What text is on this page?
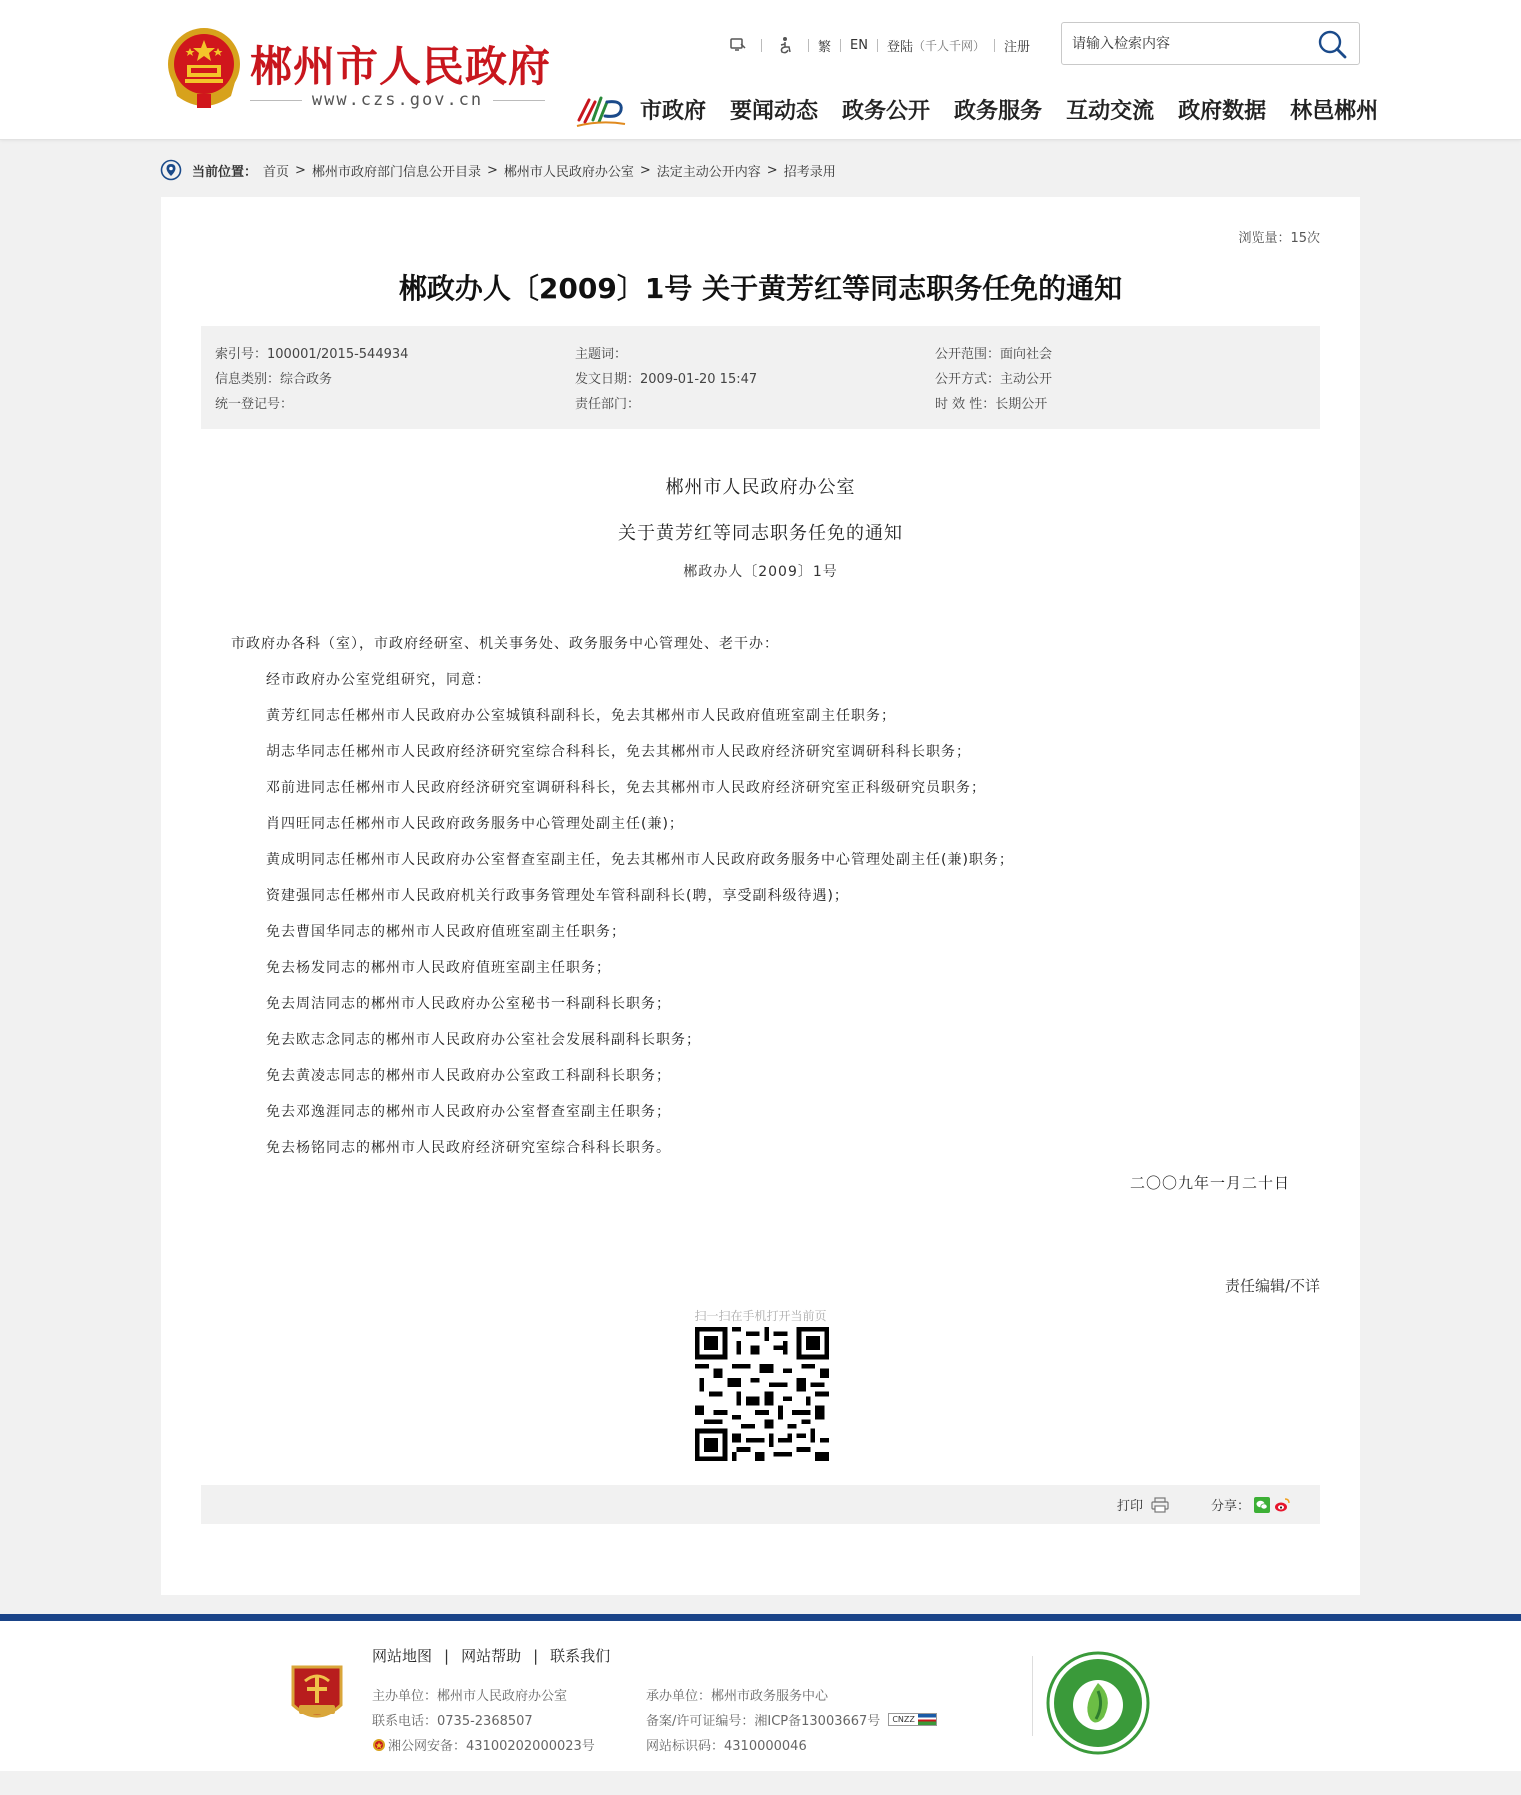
郴州市人民政府
www.czs.gov.cn
繁 EN 登陆 （千人千网） 注册
请输入检索内容
市政府 要闻动态 政务公开 政务服务 互动交流 政府数据 林邑郴州
当前位置： 首页 > 郴州市政府部门信息公开目录 > 郴州市人民政府办公室 > 法定主动公开内容 > 招考录用
浏览量：15次
郴政办人〔2009〕1号 关于黄芳红等同志职务任免的通知
索引号：100001/2015-544934	主题词：	公开范围：面向社会
信息类别：综合政务	发文日期：2009-01-20 15:47	公开方式：主动公开
统一登记号：	责任部门：	时 效 性：长期公开
郴州市人民政府办公室
关于黄芳红等同志职务任免的通知
郴政办人〔2009〕1号
市政府办各科（室），市政府经研室、机关事务处、政务服务中心管理处、老干办：
经市政府办公室党组研究，同意：
黄芳红同志任郴州市人民政府办公室城镇科副科长，免去其郴州市人民政府值班室副主任职务；
胡志华同志任郴州市人民政府经济研究室综合科科长，免去其郴州市人民政府经济研究室调研科科长职务；
邓前进同志任郴州市人民政府经济研究室调研科科长，免去其郴州市人民政府经济研究室正科级研究员职务；
肖四旺同志任郴州市人民政府政务服务中心管理处副主任(兼)；
黄成明同志任郴州市人民政府办公室督查室副主任，免去其郴州市人民政府政务服务中心管理处副主任(兼)职务；
资建强同志任郴州市人民政府机关行政事务管理处车管科副科长(聘，享受副科级待遇)；
免去曹国华同志的郴州市人民政府值班室副主任职务；
免去杨发同志的郴州市人民政府值班室副主任职务；
免去周洁同志的郴州市人民政府办公室秘书一科副科长职务；
免去欧志念同志的郴州市人民政府办公室社会发展科副科长职务；
免去黄凌志同志的郴州市人民政府办公室政工科副科长职务；
免去邓逸涯同志的郴州市人民政府办公室督查室副主任职务；
免去杨铭同志的郴州市人民政府经济研究室综合科科长职务。
二〇〇九年一月二十日
责任编辑/不详
扫一扫在手机打开当前页
打印	分享：
网站地图 | 网站帮助 | 联系我们
主办单位：郴州市人民政府办公室
联系电话：0735-2368507
湘公网安备：43100202000023号
承办单位：郴州市政务服务中心
备案/许可证编号：湘ICP备13003667号	CNZZ
网站标识码：4310000046
